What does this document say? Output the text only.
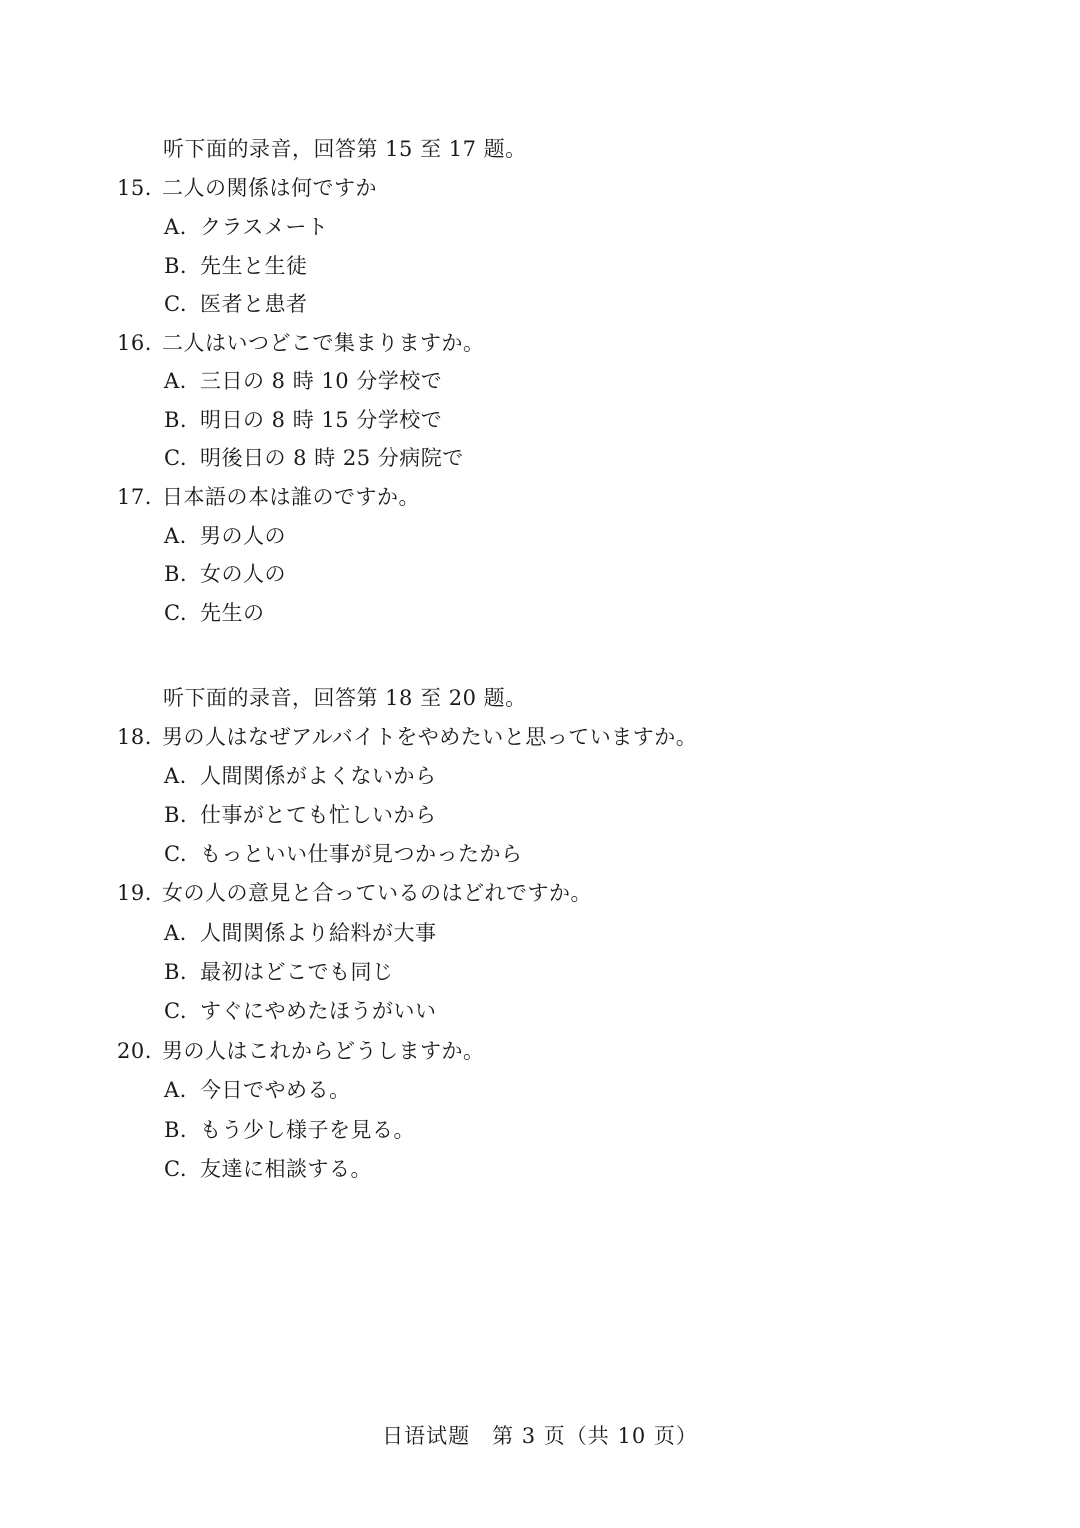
听下面的录音，回答第 15 至 17 题。
15. 二人の関係は何ですか
A. クラスメート
B. 先生と生徒
C. 医者と患者
16. 二人はいつどこで集まりますか。
A. 三日の 8 時 10 分学校で
B. 明日の 8 時 15 分学校で
C. 明後日の 8 時 25 分病院で
17. 日本語の本は誰のですか。
A. 男の人の
B. 女の人の
C. 先生の
听下面的录音，回答第 18 至 20 题。
18. 男の人はなぜアルバイトをやめたいと思っていますか。
A. 人間関係がよくないから
B. 仕事がとても忙しいから
C. もっといい仕事が見つかったから
19. 女の人の意見と合っているのはどれですか。
A. 人間関係より給料が大事
B. 最初はどこでも同じ
C. すぐにやめたほうがいい
20. 男の人はこれからどうしますか。
A. 今日でやめる。
B. もう少し様子を見る。
C. 友達に相談する。
日语试题 第 3 页（共 10 页）
